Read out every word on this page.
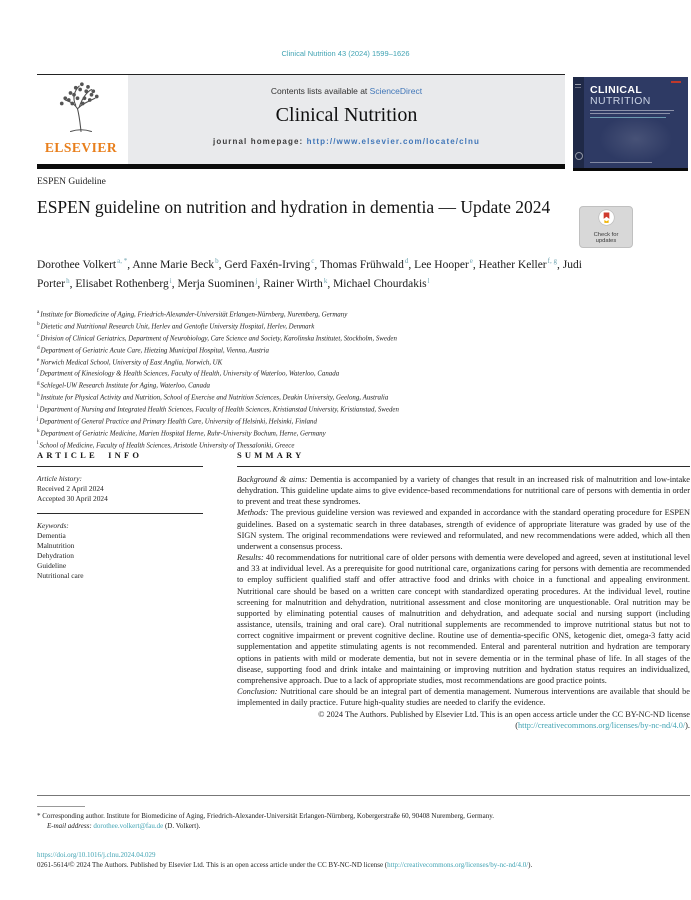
Clinical Nutrition 43 (2024) 1599–1626
ELSEVIER
Contents lists available at ScienceDirect
Clinical Nutrition
journal homepage: http://www.elsevier.com/locate/clnu
CLINICAL
NUTRITION
ESPEN Guideline
ESPEN guideline on nutrition and hydration in dementia — Update 2024
Check for updates
Dorothee Volkert$^{a, *}$ , Anne Marie Beck$^b$ , Gerd Faxén-Irving$^c$ , Thomas Frühwald$^d$ , Lee Hooper$^e$ , Heather Keller$^{f, g}$ , Judi Porter$^h$ , Elisabet Rothenberg$^i$ , Merja Suominen$^j$ , Rainer Wirth$^k$ , Michael Chourdakis$^l$
$^a$Institute for Biomedicine of Aging, Friedrich-Alexander-Universität Erlangen-Nürnberg, Nuremberg, Germany
$^b$Dietetic and Nutritional Research Unit, Herlev and Gentofte University Hospital, Herlev, Denmark
$^c$Division of Clinical Geriatrics, Department of Neurobiology, Care Science and Society, Karolinska Institutet, Stockholm, Sweden
$^d$Department of Geriatric Acute Care, Hietzing Municipal Hospital, Vienna, Austria
$^e$Norwich Medical School, University of East Anglia, Norwich, UK
$^f$Department of Kinesiology & Health Sciences, Faculty of Health, University of Waterloo, Waterloo, Canada
$^g$Schlegel-UW Research Institute for Aging, Waterloo, Canada
$^h$Institute for Physical Activity and Nutrition, School of Exercise and Nutrition Sciences, Deakin University, Geelong, Australia
$^i$Department of Nursing and Integrated Health Sciences, Faculty of Health Sciences, Kristianstad University, Kristianstad, Sweden
$^j$Department of General Practice and Primary Health Care, University of Helsinki, Helsinki, Finland
$^k$Department of Geriatric Medicine, Marien Hospital Herne, Ruhr-University Bochum, Herne, Germany
$^l$School of Medicine, Faculty of Health Sciences, Aristotle University of Thessaloniki, Greece
ARTICLE INFO
Article history:
Received 2 April 2024
Accepted 30 April 2024
Keywords:
Dementia
Malnutrition
Dehydration
Guideline
Nutritional care
SUMMARY
Background & aims: Dementia is accompanied by a variety of changes that result in an increased risk of malnutrition and low-intake dehydration. This guideline update aims to give evidence-based recommendations for nutritional care of persons with dementia in order to prevent and treat these syndromes.
Methods: The previous guideline version was reviewed and expanded in accordance with the standard operating procedure for ESPEN guidelines. Based on a systematic search in three databases, strength of evidence of appropriate literature was graded by use of the SIGN system. The original recommendations were reviewed and reformulated, and new recommendations were added, which all then underwent a consensus process.
Results: 40 recommendations for nutritional care of older persons with dementia were developed and agreed, seven at institutional level and 33 at individual level. As a prerequisite for good nutritional care, organizations caring for persons with dementia are recommended to employ sufficient qualified staff and offer attractive food and drinks with choice in a functional and appealing environment. Nutritional care should be based on a written care concept with standardized operating procedures. At the individual level, routine screening for malnutrition and dehydration, nutritional assessment and close monitoring are unquestionable. Oral nutrition may be supported by eliminating potential causes of malnutrition and dehydration, and adequate social and nursing support (including assistance, utensils, training and oral care). Oral nutritional supplements are recommended to improve nutritional status but not to correct cognitive impairment or prevent cognitive decline. Routine use of dementia-specific ONS, ketogenic diet, omega-3 fatty acid supplementation and appetite stimulating agents is not recommended. Enteral and parenteral nutrition and hydration are temporary options in patients with mild or moderate dementia, but not in severe dementia or in the terminal phase of life. In all stages of the disease, supporting food and drink intake and maintaining or improving nutrition and hydration status requires an individualized, comprehensive approach. Due to a lack of appropriate studies, most recommendations are good practice points.
Conclusion: Nutritional care should be an integral part of dementia management. Numerous interventions are available that should be implemented in daily practice. Future high-quality studies are needed to clarify the evidence.
© 2024 The Authors. Published by Elsevier Ltd. This is an open access article under the CC BY-NC-ND license (http://creativecommons.org/licenses/by-nc-nd/4.0/).
* Corresponding author. Institute for Biomedicine of Aging, Friedrich-Alexander-Universität Erlangen-Nürnberg, Kobergerstraße 60, 90408 Nuremberg, Germany.
E-mail address: dorothee.volkert@fau.de (D. Volkert).
https://doi.org/10.1016/j.clnu.2024.04.029
0261-5614/© 2024 The Authors. Published by Elsevier Ltd. This is an open access article under the CC BY-NC-ND license (http://creativecommons.org/licenses/by-nc-nd/4.0/).
